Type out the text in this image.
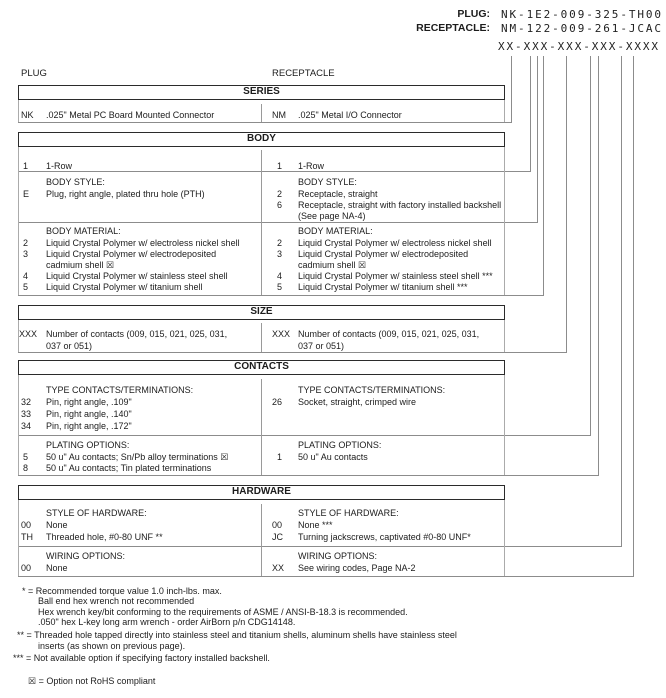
PLUG: NK-1E2-009-325-TH00
RECEPTACLE: NM-122-009-261-JCAC
XX-XXX-XXX-XXX-XXXX
PLUG	RECEPTACLE
SERIES
NK .025" Metal PC Board Mounted Connector	NM .025" Metal I/O Connector
BODY
1 1-Row	1 1-Row
BODY STYLE:
E Plug, right angle, plated thru hole (PTH)
BODY STYLE:
2 Receptacle, straight
6 Receptacle, straight with factory installed backshell
(See page NA-4)
BODY MATERIAL:
2 Liquid Crystal Polymer w/ electroless nickel shell
3 Liquid Crystal Polymer w/ electrodeposited
cadmium shell ☒
4 Liquid Crystal Polymer w/ stainless steel shell
5 Liquid Crystal Polymer w/ titanium shell
BODY MATERIAL:
2 Liquid Crystal Polymer w/ electroless nickel shell
3 Liquid Crystal Polymer w/ electrodeposited
cadmium shell ☒
4 Liquid Crystal Polymer w/ stainless steel shell ***
5 Liquid Crystal Polymer w/ titanium shell ***
SIZE
XXX Number of contacts (009, 015, 021, 025, 031,
037 or 051)
XXX Number of contacts (009, 015, 021, 025, 031,
037 or 051)
CONTACTS
TYPE CONTACTS/TERMINATIONS:
32 Pin, right angle, .109"
33 Pin, right angle, .140"
34 Pin, right angle, .172"
TYPE CONTACTS/TERMINATIONS:
26 Socket, straight, crimped wire
PLATING OPTIONS:
5 50 u" Au contacts; Sn/Pb alloy terminations ☒
8 50 u" Au contacts; Tin plated terminations
PLATING OPTIONS:
1 50 u" Au contacts
HARDWARE
STYLE OF HARDWARE:
00 None
TH Threaded hole, #0-80 UNF **
STYLE OF HARDWARE:
00 None ***
JC Turning jackscrews, captivated #0-80 UNF*
WIRING OPTIONS:
00 None
WIRING OPTIONS:
XX See wiring codes, Page NA-2
* = Recommended torque value 1.0 inch-lbs. max.
Ball end hex wrench not recommended
Hex wrench key/bit conforming to the requirements of ASME / ANSI-B-18.3 is recommended.
.050" hex L-key long arm wrench - order AirBorn p/n CDG14148.
** = Threaded hole tapped directly into stainless steel and titanium shells, aluminum shells have stainless steel
inserts (as shown on previous page).
*** = Not available option if specifying factory installed backshell.
☒ = Option not RoHS compliant
